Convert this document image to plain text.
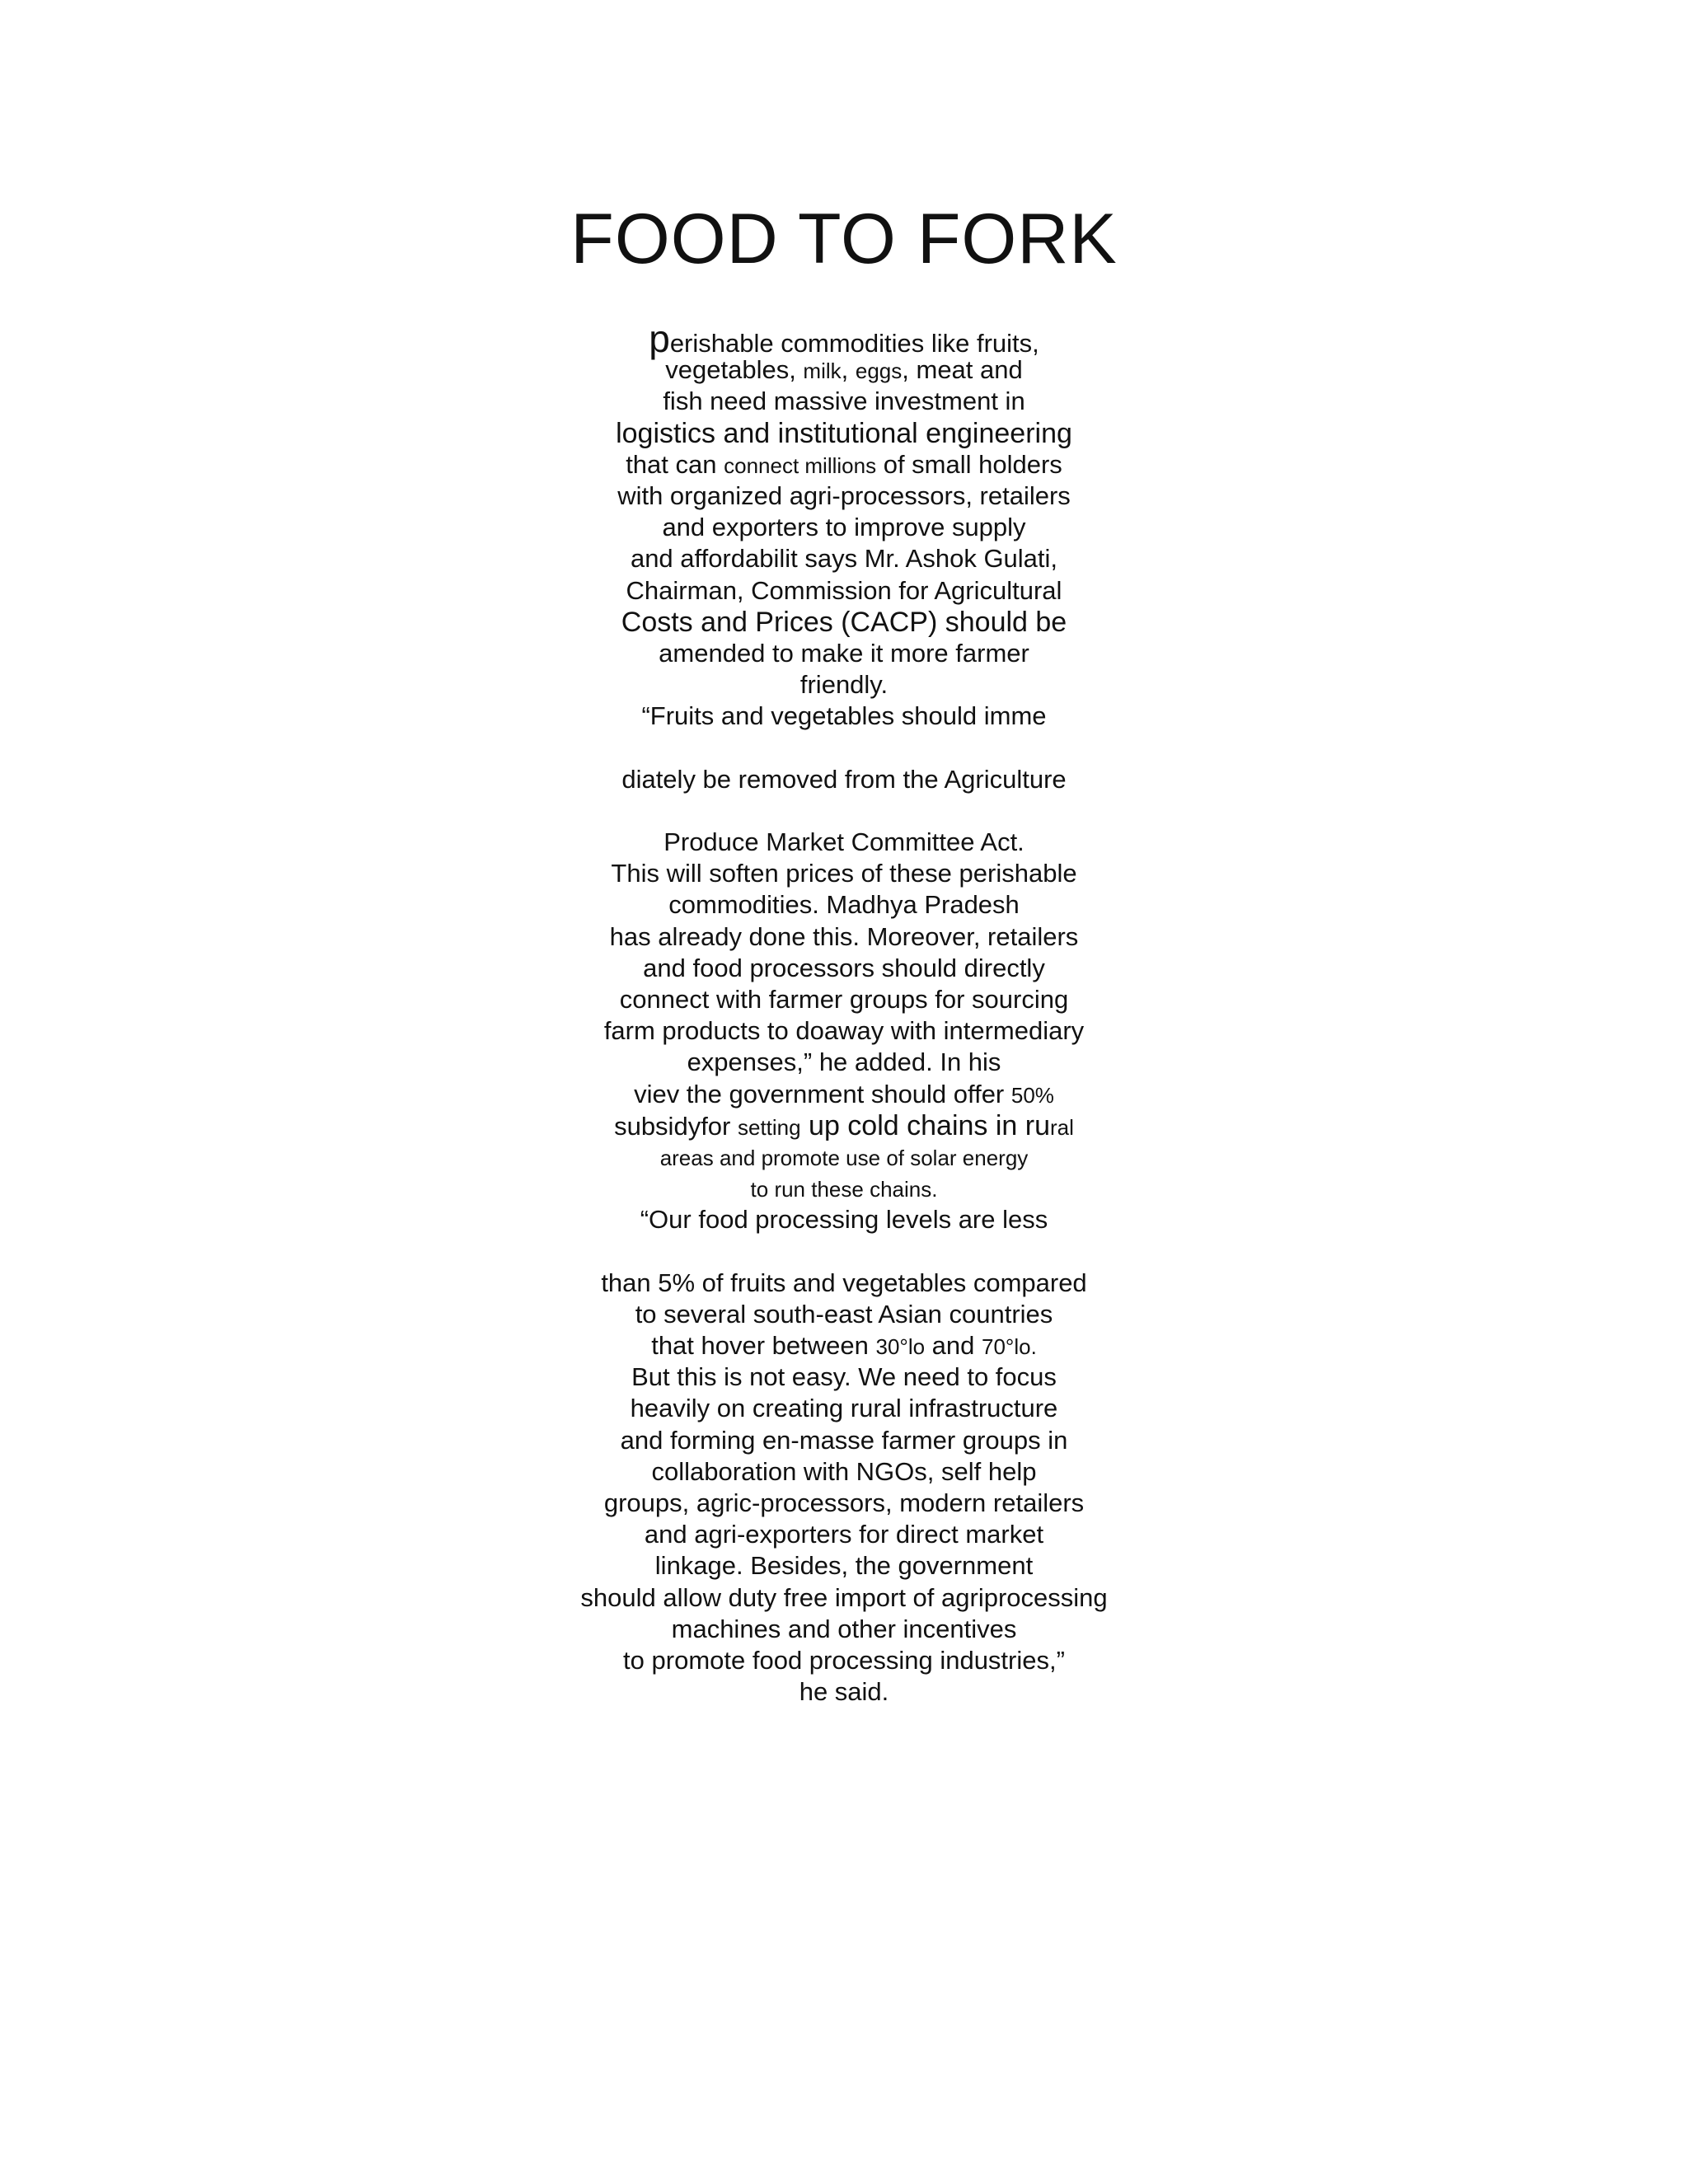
FOOD TO FORK
perishable commodities like fruits,
vegetables, milk, eggs, meat and
fish need massive investment in
logistics and institutional engineering
that can connect millions of small holders
with organized agri-processors, retailers
and exporters to improve supply
and affordabilit says Mr. Ashok Gulati,
Chairman, Commission for Agricultural
Costs and Prices (CACP) should be
amended to make it more farmer
friendly.
“Fruits and vegetables should imme
diately be removed from the Agriculture
Produce Market Committee Act.
This will soften prices of these perishable
commodities. Madhya Pradesh
has already done this. Moreover, retailers
and food processors should directly
connect with farmer groups for sourcing
farm products to doaway with intermediary
expenses,” he added. In his
viev the government should offer 50%
subsidyfor setting up cold chains in rural
areas and promote use of solar energy
to run these chains.
“Our food processing levels are less
than 5% of fruits and vegetables compared
to several south-east Asian countries
that hover between 30°lo and 70°lo.
But this is not easy. We need to focus
heavily on creating rural infrastructure
and forming en-masse farmer groups in
collaboration with NGOs, self help
groups, agric-processors, modern retailers
and agri-exporters for direct market
linkage. Besides, the government
should allow duty free import of agriprocessing
machines and other incentives
to promote food processing industries,”
he said.
